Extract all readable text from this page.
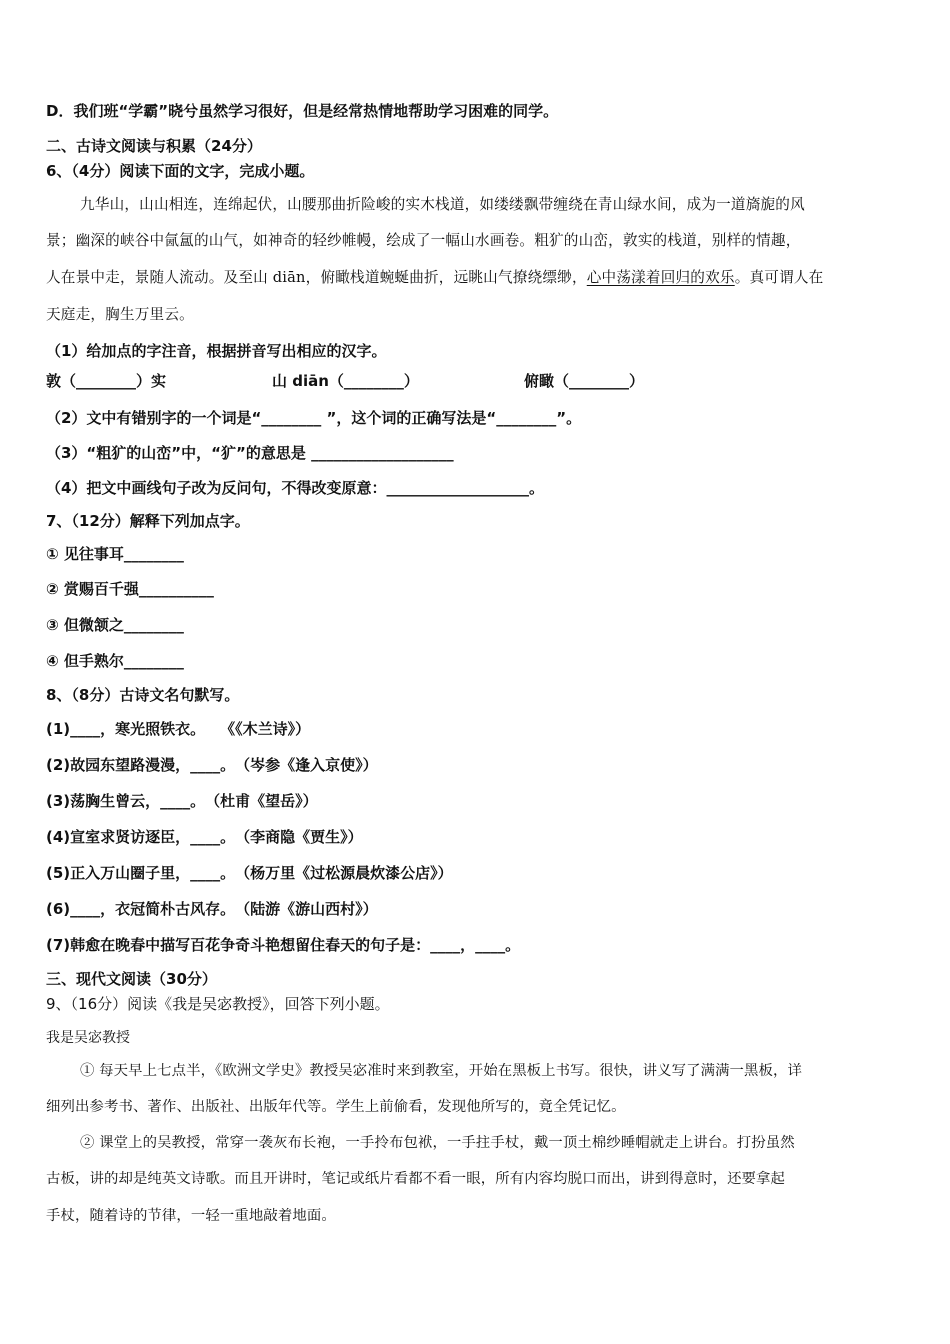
D．我们班“学霸”晓兮虽然学习很好，但是经常热情地帮助学习困难的同学。
二、古诗文阅读与积累（24分）
6、（4分）阅读下面的文字，完成小题。
九华山，山山相连，连绵起伏，山腰那曲折险峻的实木栈道，如缕缕飘带缠绕在青山绿水间，成为一道旖旎的风
景；幽深的峡谷中氤氲的山气，如神奇的轻纱帷幔，绘成了一幅山水画卷。粗犷的山峦，敦实的栈道，别样的情趣，
人在景中走，景随人流动。及至山 diān，俯瞰栈道蜿蜒曲折，远眺山气撩绕缥缈，心中荡漾着回归的欢乐。真可谓人在
天庭走，胸生万里云。
（1）给加点的字注音，根据拼音写出相应的汉字。
敦（________）实	山 diān（________）	俯瞰（________）
（2）文中有错别字的一个词是“________ ”，这个词的正确写法是“________”。
（3）“粗犷的山峦”中，“犷”的意思是 ___________________
（4）把文中画线句子改为反问句，不得改变原意：___________________。
7、（12分）解释下列加点字。
① 见往事耳________
② 赏赐百千强__________
③ 但微颔之________
④ 但手熟尔________
8、（8分）古诗文名句默写。
(1)____，寒光照铁衣。　　《《木兰诗》）
(2)故园东望路漫漫，____。　（岑参《逢入京使》）
(3)荡胸生曾云，____。　（杜甫《望岳》）
(4)宣室求贤访逐臣，____。　（李商隐《贾生》）
(5)正入万山圈子里，____。　（杨万里《过松源晨炊漆公店》）
(6)____，衣冠简朴古风存。　（陆游《游山西村》）
(7)韩愈在晚春中描写百花争奇斗艳想留住春天的句子是：____，____。
三、现代文阅读（30分）
9、（16分）阅读《我是吴宓教授》，回答下列小题。
我是吴宓教授
① 每天早上七点半，《欧洲文学史》教授吴宓准时来到教室，开始在黑板上书写。很快，讲义写了满满一黑板，详
细列出参考书、著作、出版社、出版年代等。学生上前偷看，发现他所写的，竟全凭记忆。
② 课堂上的吴教授，常穿一袭灰布长袍，一手拎布包袱，一手拄手杖，戴一顶土棉纱睡帽就走上讲台。打扮虽然
古板，讲的却是纯英文诗歌。而且开讲时，笔记或纸片看都不看一眼，所有内容均脱口而出，讲到得意时，还要拿起
手杖，随着诗的节律，一轻一重地敲着地面。
